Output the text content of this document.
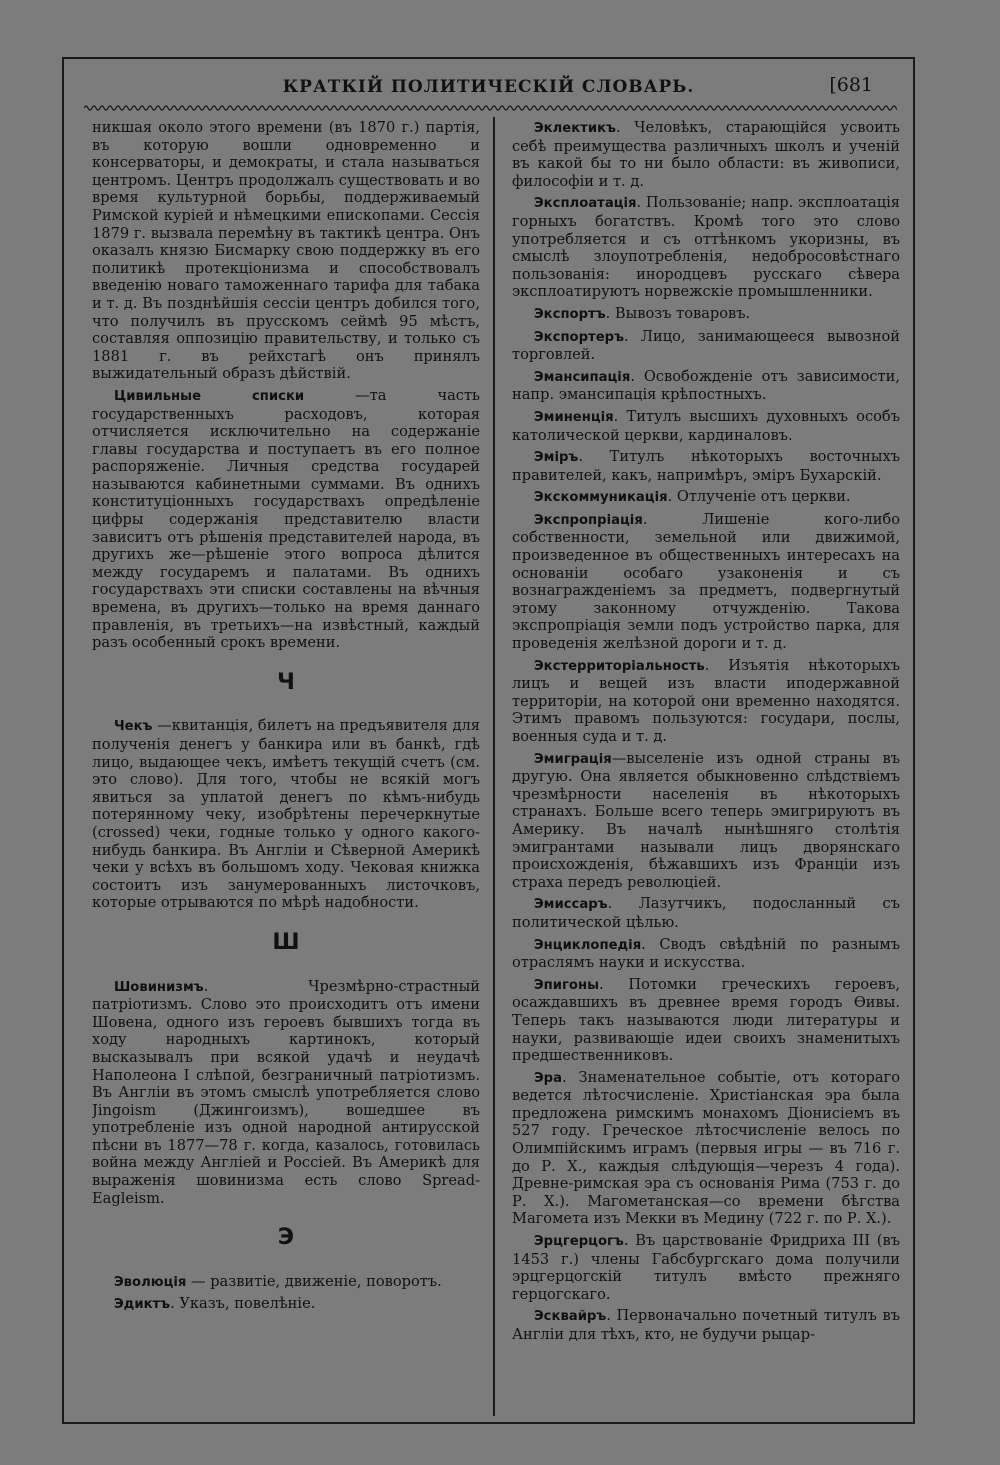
КРАТКІЙ ПОЛИТИЧЕСКІЙ СЛОВАРЬ.	[681

никшая около этого времени (въ 1870 г.) партія, въ которую вошли одновременно и консерваторы, и демократы, и стала называться центромъ. Центръ продолжалъ существовать и во время культурной борьбы, поддерживаемый Римской куріей и нѣмецкими епископами. Сессія 1879 г. вызвала перемѣну въ тактикѣ центра. Онъ оказалъ князю Бисмарку свою поддержку въ его политикѣ протекціонизма и способствовалъ введенію новаго таможеннаго тарифа для табака и т. д. Въ позднѣйшія сессіи центръ добился того, что получилъ въ прусскомъ сеймѣ 95 мѣстъ, составляя оппозицію правительству, и только съ 1881 г. въ рейхстагѣ онъ принялъ выжидательный образъ дѣйствій.

Цивильные списки —та часть государственныхъ расходовъ, которая отчисляется исключительно на содержаніе главы государства и поступаетъ въ его полное распоряженіе. Личныя средства государей называются кабинетными суммами. Въ однихъ конституціонныхъ государствахъ опредѣленіе цифры содержанія представителю власти зависитъ отъ рѣшенія представителей народа, въ другихъ же—рѣшеніе этого вопроса дѣлится между государемъ и палатами. Въ однихъ государствахъ эти списки составлены на вѣчныя времена, въ другихъ—только на время даннаго правленія, въ третьихъ—на извѣстный, каждый разъ особенный срокъ времени.

Ч

Чекъ —квитанція, билетъ на предъявителя для полученія денегъ у банкира или въ банкѣ, гдѣ лицо, выдающее чекъ, имѣетъ текущій счетъ (см. это слово). Для того, чтобы не всякій могъ явиться за уплатой денегъ по кѣмъ-нибудь потерянному чеку, изобрѣтены перечеркнутые (crossed) чеки, годные только у одного какого-нибудь банкира. Въ Англіи и Сѣверной Америкѣ чеки у всѣхъ въ большомъ ходу. Чековая книжка состоитъ изъ занумерованныхъ листочковъ, которые отрываются по мѣрѣ надобности.

Ш

Шовинизмъ. Чрезмѣрно-страстный патріотизмъ. Слово это происходитъ отъ имени Шовена, одного изъ героевъ бывшихъ тогда въ ходу народныхъ картинокъ, который высказывалъ при всякой удачѣ и неудачѣ Наполеона I слѣпой, безграничный патріотизмъ. Въ Англіи въ этомъ смыслѣ употребляется слово Jingoism (Джингоизмъ), вошедшее въ употребленіе изъ одной народной антирусской пѣсни въ 1877—78 г. когда, казалось, готовилась война между Англіей и Россіей. Въ Америкѣ для выраженія шовинизма есть слово Spread-Eagleism.

Э

Эволюція — развитіе, движеніе, поворотъ.

Эдиктъ. Указъ, повелѣніе.

Эклектикъ. Человѣкъ, старающійся усвоить себѣ преимущества различныхъ школъ и ученій въ какой бы то ни было области: въ живописи, философіи и т. д.

Эксплоатація. Пользованіе; напр. эксплоатація горныхъ богатствъ. Кромѣ того это слово употребляется и съ оттѣнкомъ укоризны, въ смыслѣ злоупотребленія, недобросовѣстнаго пользованія: инородцевъ русскаго сѣвера эксплоатируютъ норвежскіе промышленники.

Экспортъ. Вывозъ товаровъ.

Экспортеръ. Лицо, занимающееся вывозной торговлей.

Эмансипація. Освобожденіе отъ зависимости, напр. эмансипація крѣпостныхъ.

Эминенція. Титулъ высшихъ духовныхъ особъ католической церкви, кардиналовъ.

Эміръ. Титулъ нѣкоторыхъ восточныхъ правителей, какъ, напримѣръ, эміръ Бухарскій.

Экскоммуникація. Отлученіе отъ церкви.

Экспропріація. Лишеніе кого-либо собственности, земельной или движимой, произведенное въ общественныхъ интересахъ на основаніи особаго узаконенія и съ вознагражденіемъ за предметъ, подвергнутый этому законному отчужденію. Такова экспропріація земли подъ устройство парка, для проведенія желѣзной дороги и т. д.

Экстерриторіальность. Изъятія нѣкоторыхъ лицъ и вещей изъ власти иподержавной территоріи, на которой они временно находятся. Этимъ правомъ пользуются: государи, послы, военныя суда и т. д.

Эмиграція—выселеніе изъ одной страны въ другую. Она является обыкновенно слѣдствіемъ чрезмѣрности населенія въ нѣкоторыхъ странахъ. Больше всего теперь эмигрируютъ въ Америку. Въ началѣ нынѣшняго столѣтія эмигрантами называли лицъ дворянскаго происхожденія, бѣжавшихъ изъ Франціи изъ страха передъ революціей.

Эмиссаръ. Лазутчикъ, подосланный съ политической цѣлью.

Энциклопедія. Сводъ свѣдѣній по разнымъ отраслямъ науки и искусства.

Эпигоны. Потомки греческихъ героевъ, осаждавшихъ въ древнее время городъ Өивы. Теперь такъ называются люди литературы и науки, развивающіе идеи своихъ знаменитыхъ предшественниковъ.

Эра. Знаменательное событіе, отъ котораго ведется лѣтосчисленіе. Христіанская эра была предложена римскимъ монахомъ Діонисіемъ въ 527 году. Греческое лѣтосчисленіе велось по Олимпійскимъ играмъ (первыя игры — въ 716 г. до Р. Х., каждыя слѣдующія—черезъ 4 года). Древне-римская эра съ основанія Рима (753 г. до Р. Х.). Магометанская—со времени бѣгства Магомета изъ Мекки въ Медину (722 г. по Р. Х.).

Эрцгерцогъ. Въ царствованіе Фридриха III (въ 1453 г.) члены Габсбургскаго дома получили эрцгерцогскій титулъ вмѣсто прежняго герцогскаго.

Эсквайръ. Первоначально почетный титулъ въ Англіи для тѣхъ, кто, не будучи рыцар-
